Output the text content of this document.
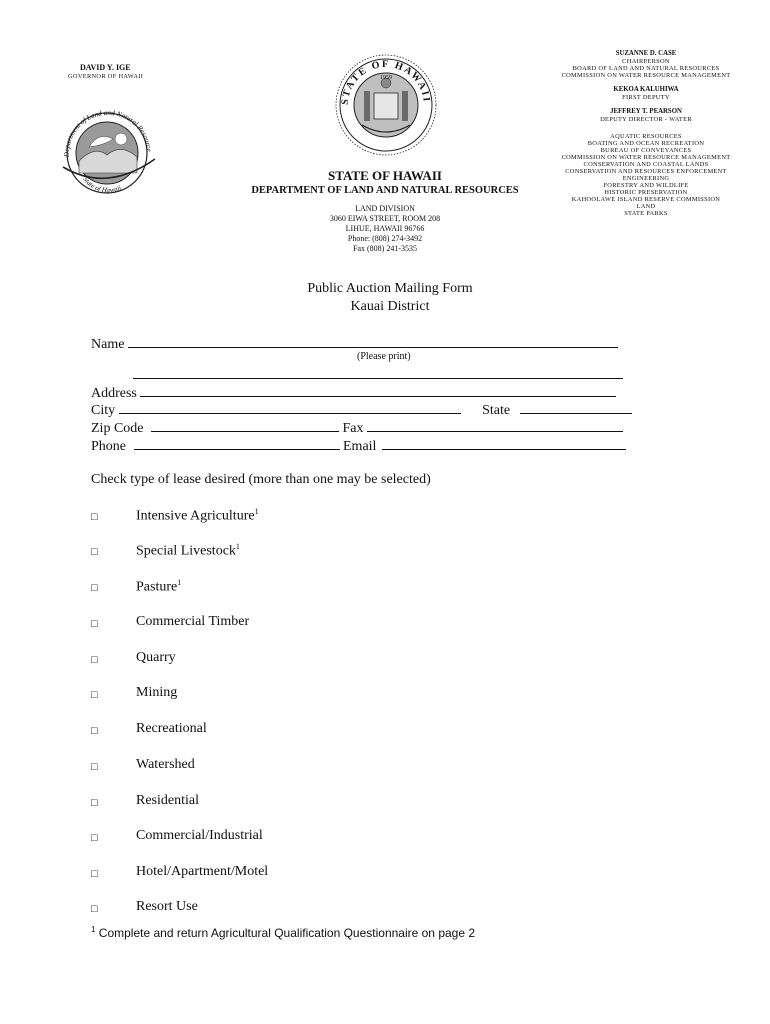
DAVID Y. IGE
GOVERNOR OF HAWAII
Department of Land and Natural Resource
State of Hawaii
STATE OF HAWAII
1959
SUZANNE D. CASE
CHAIRPERSON
BOARD OF LAND AND NATURAL RESOURCES
COMMISSION ON WATER RESOURCE MANAGEMENT
KEKOA KALUHIWA
FIRST DEPUTY
JEFFREY T. PEARSON
DEPUTY DIRECTOR - WATER
AQUATIC RESOURCES
BOATING AND OCEAN RECREATION
BUREAU OF CONVEYANCES
COMMISSION ON WATER RESOURCE MANAGEMENT
CONSERVATION AND COASTAL LANDS
CONSERVATION AND RESOURCES ENFORCEMENT
ENGINEERING
FORESTRY AND WILDLIFE
HISTORIC PRESERVATION
KAHOOLAWE ISLAND RESERVE COMMISSION
LAND
STATE PARKS
STATE OF HAWAII
DEPARTMENT OF LAND AND NATURAL RESOURCES
LAND DIVISION
3060 EIWA STREET, ROOM 208
LIHUE, HAWAII 96766
Phone: (808) 274-3492
Fax (808) 241-3535
Public Auction Mailing Form
Kauai District
Name
(Please print)
Address
City	State
Zip Code	Fax
Phone	Email
Check type of lease desired (more than one may be selected)
□	Intensive Agriculture$^1$
□	Special Livestock$^1$
□	Pasture$^1$
□	Commercial Timber
□	Quarry
□	Mining
□	Recreational
□	Watershed
□	Residential
□	Commercial/Industrial
□	Hotel/Apartment/Motel
□	Resort Use
$^1$ Complete and return Agricultural Qualification Questionnaire on page 2
